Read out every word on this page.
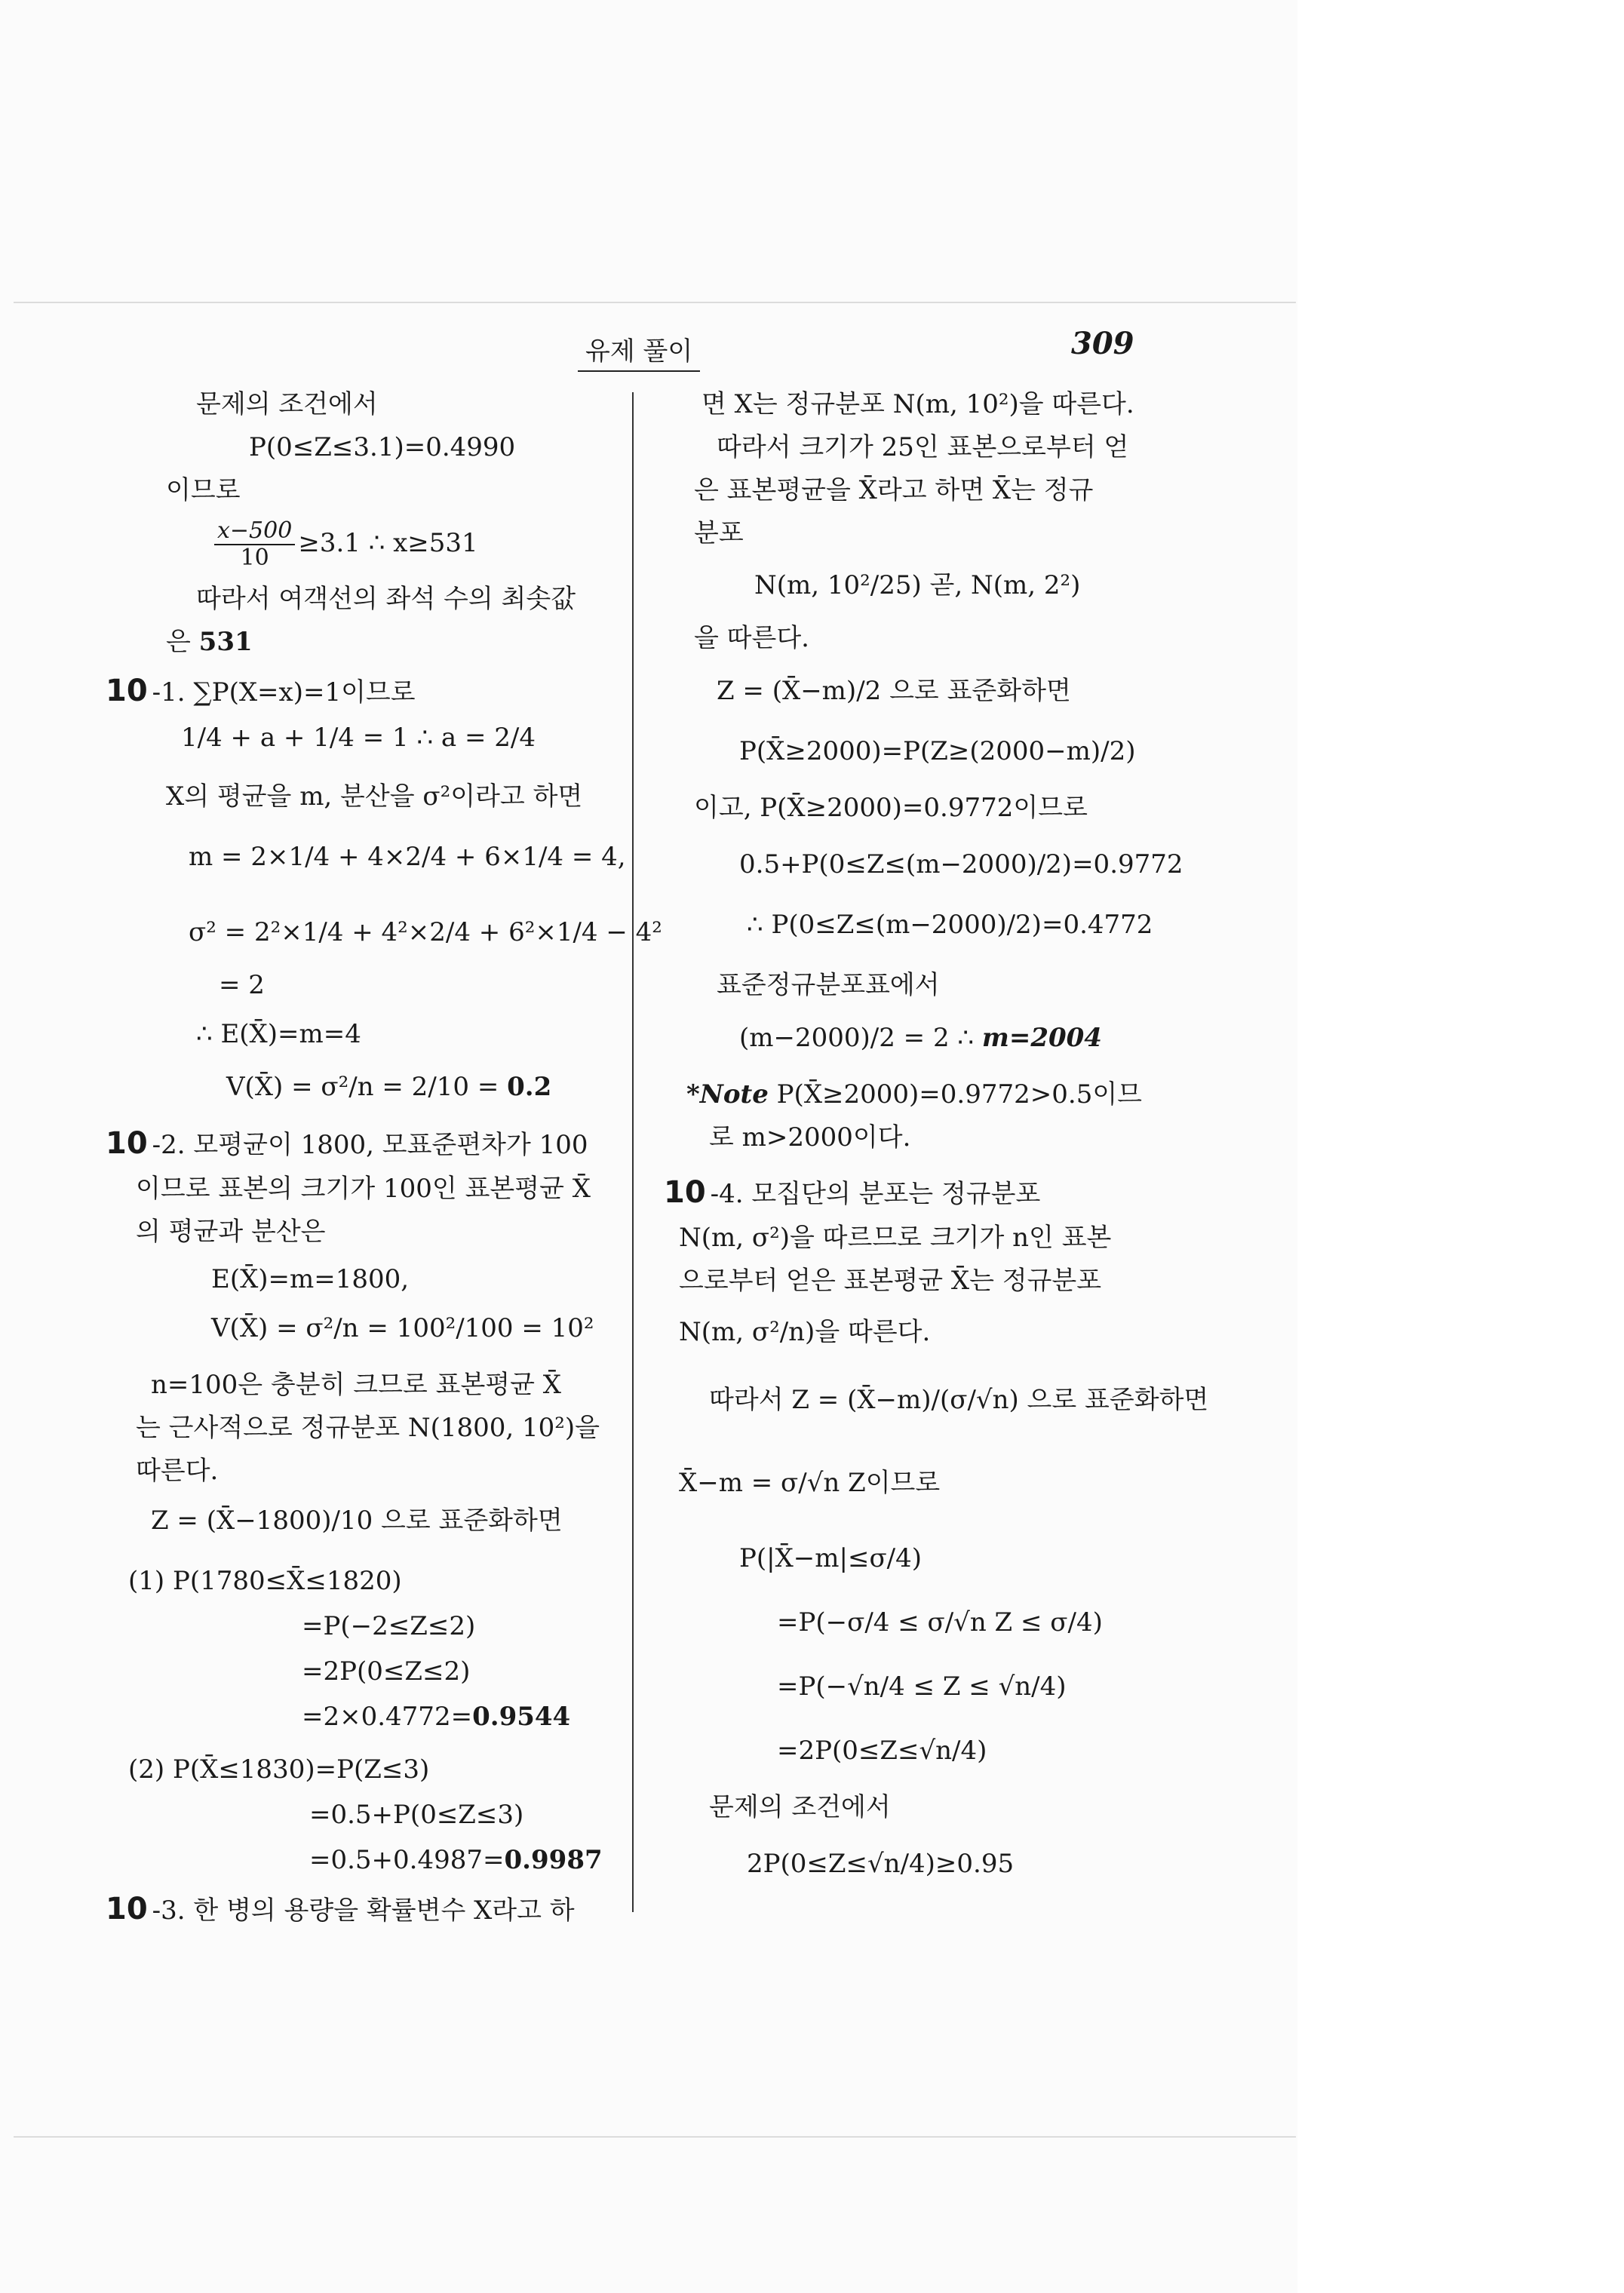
유제 풀이	309
문제의 조건에서
P(0≤Z≤3.1)=0.4990
이므로
$\frac{x-500}{10} \ge 3.1$ ∴ x≥531
따라서 여객선의 좌석 수의 최솟값
은 531
10 -1. ∑P(X=x)=1이므로
1/4 + a + 1/4 = 1 ∴ a = 2/4
X의 평균을 m, 분산을 σ²이라고 하면
m = 2×1/4 + 4×2/4 + 6×1/4 = 4,
σ² = 2²×1/4 + 4²×2/4 + 6²×1/4 − 4²
= 2
∴ E(X̄)=m=4
V(X̄) = σ²/n = 2/10 = 0.2
10 -2. 모평균이 1800, 모표준편차가 100
이므로 표본의 크기가 100인 표본평균 X̄
의 평균과 분산은
E(X̄)=m=1800,
V(X̄) = σ²/n = 100²/100 = 10²
n=100은 충분히 크므로 표본평균 X̄
는 근사적으로 정규분포 N(1800, 10²)을
따른다.
Z = (X̄−1800)/10 으로 표준화하면
(1) P(1780≤X̄≤1820)
=P(−2≤Z≤2)
=2P(0≤Z≤2)
=2×0.4772=0.9544
(2) P(X̄≤1830)=P(Z≤3)
=0.5+P(0≤Z≤3)
=0.5+0.4987=0.9987
10 -3. 한 병의 용량을 확률변수 X라고 하
면 X는 정규분포 N(m, 10²)을 따른다.
따라서 크기가 25인 표본으로부터 얻
은 표본평균을 X̄라고 하면 X̄는 정규
분포
N(m, 10²/25) 곧, N(m, 2²)
을 따른다.
Z = (X̄−m)/2 으로 표준화하면
P(X̄≥2000)=P(Z≥(2000−m)/2)
이고, P(X̄≥2000)=0.9772이므로
0.5+P(0≤Z≤(m−2000)/2)=0.9772
∴ P(0≤Z≤(m−2000)/2)=0.4772
표준정규분포표에서
(m−2000)/2 = 2 ∴ m=2004
*Note P(X̄≥2000)=0.9772>0.5이므
로 m>2000이다.
10 -4. 모집단의 분포는 정규분포
N(m, σ²)을 따르므로 크기가 n인 표본
으로부터 얻은 표본평균 X̄는 정규분포
N(m, σ²/n)을 따른다.
따라서 Z = (X̄−m)/(σ/√n) 으로 표준화하면
X̄−m = σ/√n Z이므로
P(|X̄−m|≤σ/4)
=P(−σ/4 ≤ σ/√n Z ≤ σ/4)
=P(−√n/4 ≤ Z ≤ √n/4)
=2P(0≤Z≤√n/4)
문제의 조건에서
2P(0≤Z≤√n/4)≥0.95
